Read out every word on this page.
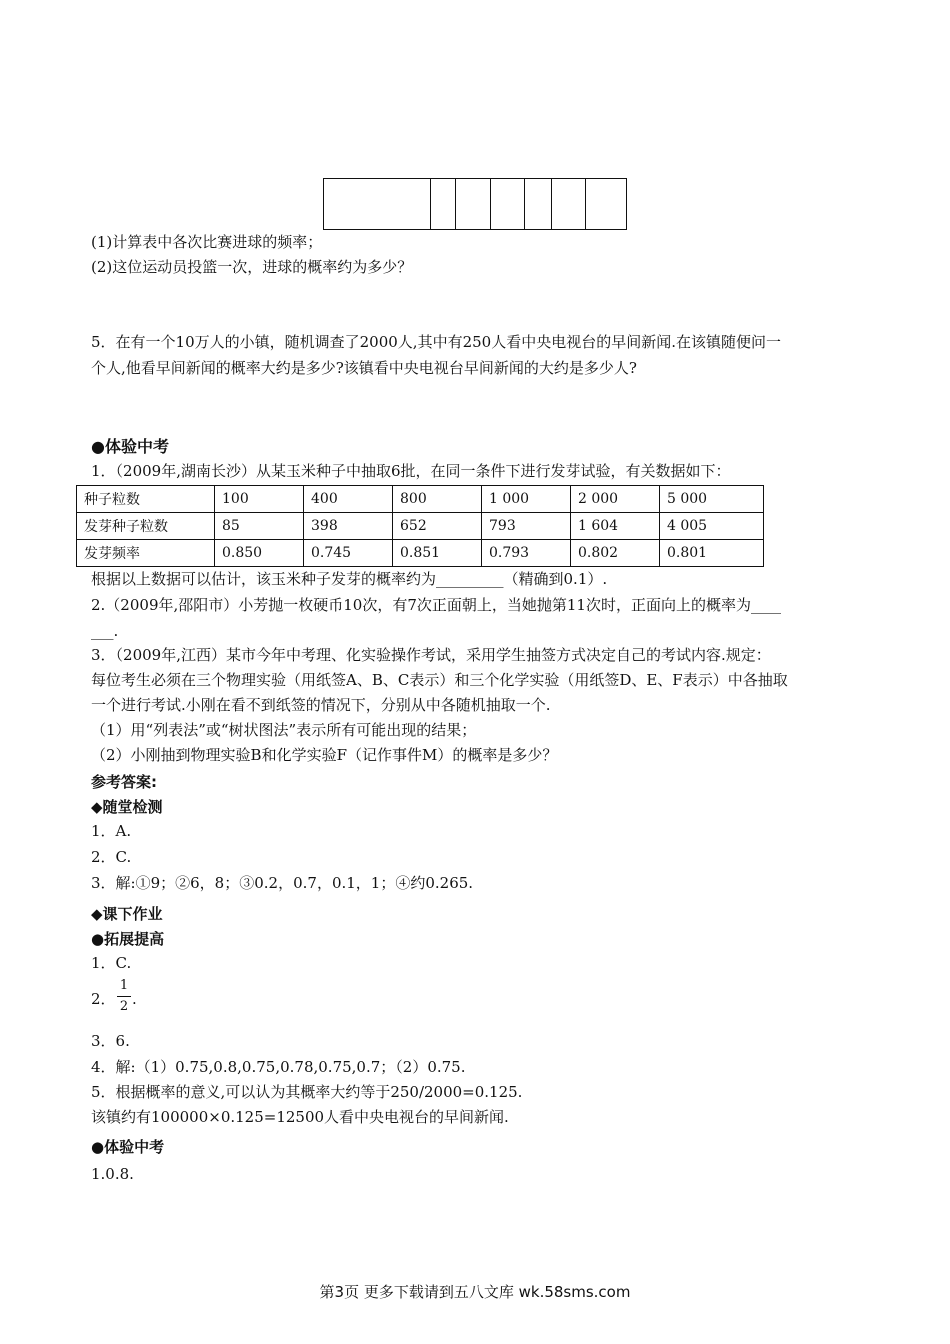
(1)计算表中各次比赛进球的频率；
(2)这位运动员投篮一次，进球的概率约为多少？
5．在有一个10万人的小镇，随机调查了2000人,其中有250人看中央电视台的早间新闻.在该镇随便问一
个人,他看早间新闻的概率大约是多少?该镇看中央电视台早间新闻的大约是多少人?
●体验中考
1．（2009年,湖南长沙）从某玉米种子中抽取6批，在同一条件下进行发芽试验，有关数据如下：
种子粒数	100	400	800	1 000	2 000	5 000
发芽种子粒数	85	398	652	793	1 604	4 005
发芽频率	0.850	0.745	0.851	0.793	0.802	0.801
根据以上数据可以估计，该玉米种子发芽的概率约为_________（精确到0.1）.
2.（2009年,邵阳市）小芳抛一枚硬币10次，有7次正面朝上，当她抛第11次时，正面向上的概率为____
___.
3．（2009年,江西）某市今年中考理、化实验操作考试，采用学生抽签方式决定自己的考试内容.规定：
每位考生必须在三个物理实验（用纸签A、B、C表示）和三个化学实验（用纸签D、E、F表示）中各抽取
一个进行考试.小刚在看不到纸签的情况下，分别从中各随机抽取一个.
（1）用“列表法”或“树状图法”表示所有可能出现的结果；
（2）小刚抽到物理实验B和化学实验F（记作事件M）的概率是多少？
参考答案:
◆随堂检测
1．A.
2．C.
3．解:①9；②6，8；③0.2，0.7，0.1，1；④约0.265.
◆课下作业
●拓展提高
1．C.
2．
1
2 .
3．6.
4．解:（1）0.75,0.8,0.75,0.78,0.75,0.7；（2）0.75.
5．根据概率的意义,可以认为其概率大约等于250/2000=0.125.
该镇约有100000×0.125=12500人看中央电视台的早间新闻.
●体验中考
1.0.8.
第3页 更多下载请到五八文库 wk.58sms.com
